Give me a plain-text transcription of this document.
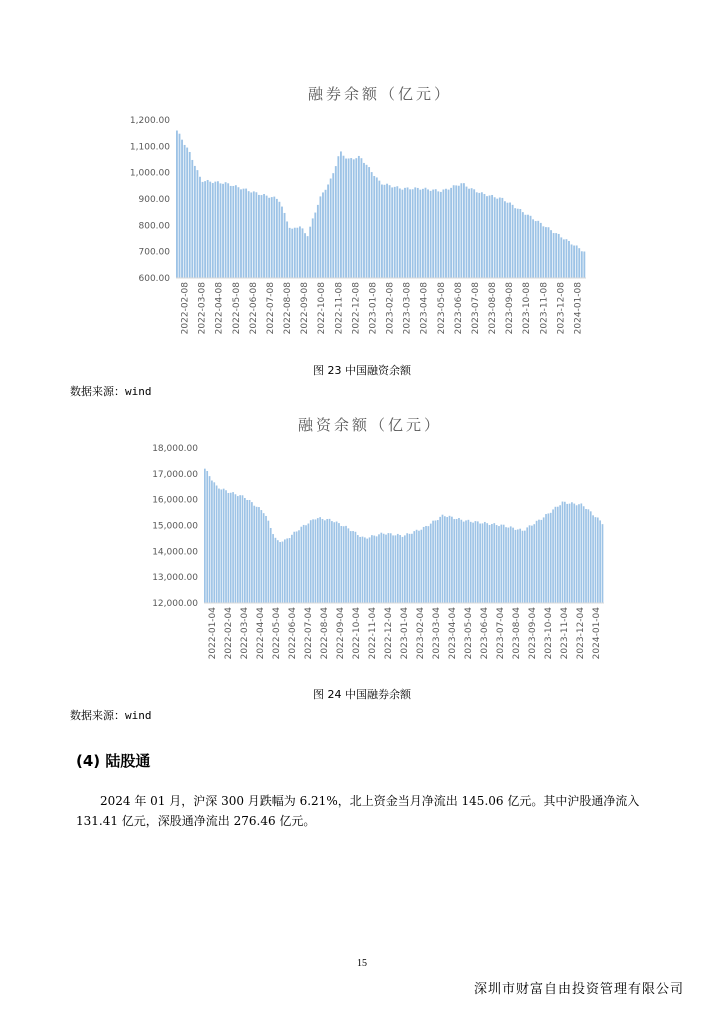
融券余额（亿元）
600.00
700.00
800.00
900.00
1,000.00
1,100.00
1,200.00
2022-02-08 2022-03-08 2022-04-08 2022-05-08 2022-06-08 2022-07-08 2022-08-08 2022-09-08 2022-10-08 2022-11-08 2022-12-08 2023-01-08 2023-02-08 2023-03-08 2023-04-08 2023-05-08 2023-06-08 2023-07-08 2023-08-08 2023-09-08 2023-10-08 2023-11-08 2023-12-08 2024-01-08
图 23 中国融资余额
数据来源：wind
融资余额（亿元）
12,000.00
13,000.00
14,000.00
15,000.00
16,000.00
17,000.00
18,000.00
2022-01-04 2022-02-04 2022-03-04 2022-04-04 2022-05-04 2022-06-04 2022-07-04 2022-08-04 2022-09-04 2022-10-04 2022-11-04 2022-12-04 2023-01-04 2023-02-04 2023-03-04 2023-04-04 2023-05-04 2023-06-04 2023-07-04 2023-08-04 2023-09-04 2023-10-04 2023-11-04 2023-12-04 2024-01-04
图 24 中国融券余额
数据来源：wind
(4) 陆股通
2024 年 01 月，沪深 300 月跌幅为 6.21%，北上资金当月净流出 145.06 亿元。其中沪股通净流入 131.41 亿元，深股通净流出 276.46 亿元。
15
深圳市财富自由投资管理有限公司
